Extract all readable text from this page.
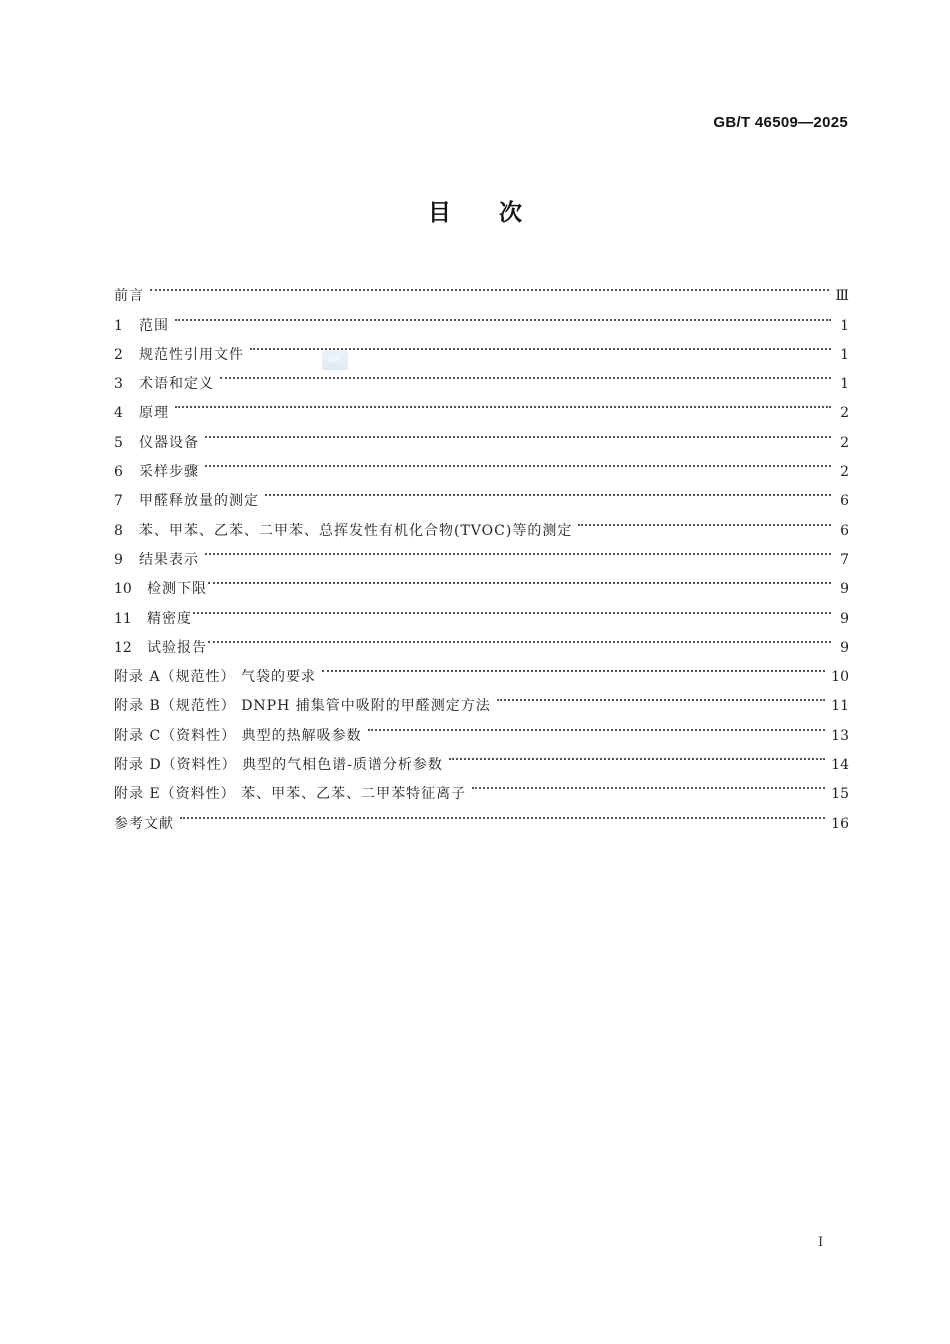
GB/T 46509—2025
目次
SPC
前言	Ⅲ
1	范围	1
2	规范性引用文件	1
3	术语和定义	1
4	原理	2
5	仪器设备	2
6	采样步骤	2
7	甲醛释放量的测定	6
8	苯、甲苯、乙苯、二甲苯、总挥发性有机化合物(TVOC)等的测定	6
9	结果表示	7
10	检测下限	9
11	精密度	9
12	试验报告	9
附录 A（规范性） 气袋的要求	10
附录 B（规范性） DNPH 捕集管中吸附的甲醛测定方法	11
附录 C（资料性） 典型的热解吸参数	13
附录 D（资料性） 典型的气相色谱-质谱分析参数	14
附录 E（资料性） 苯、甲苯、乙苯、二甲苯特征离子	15
参考文献	16
I
